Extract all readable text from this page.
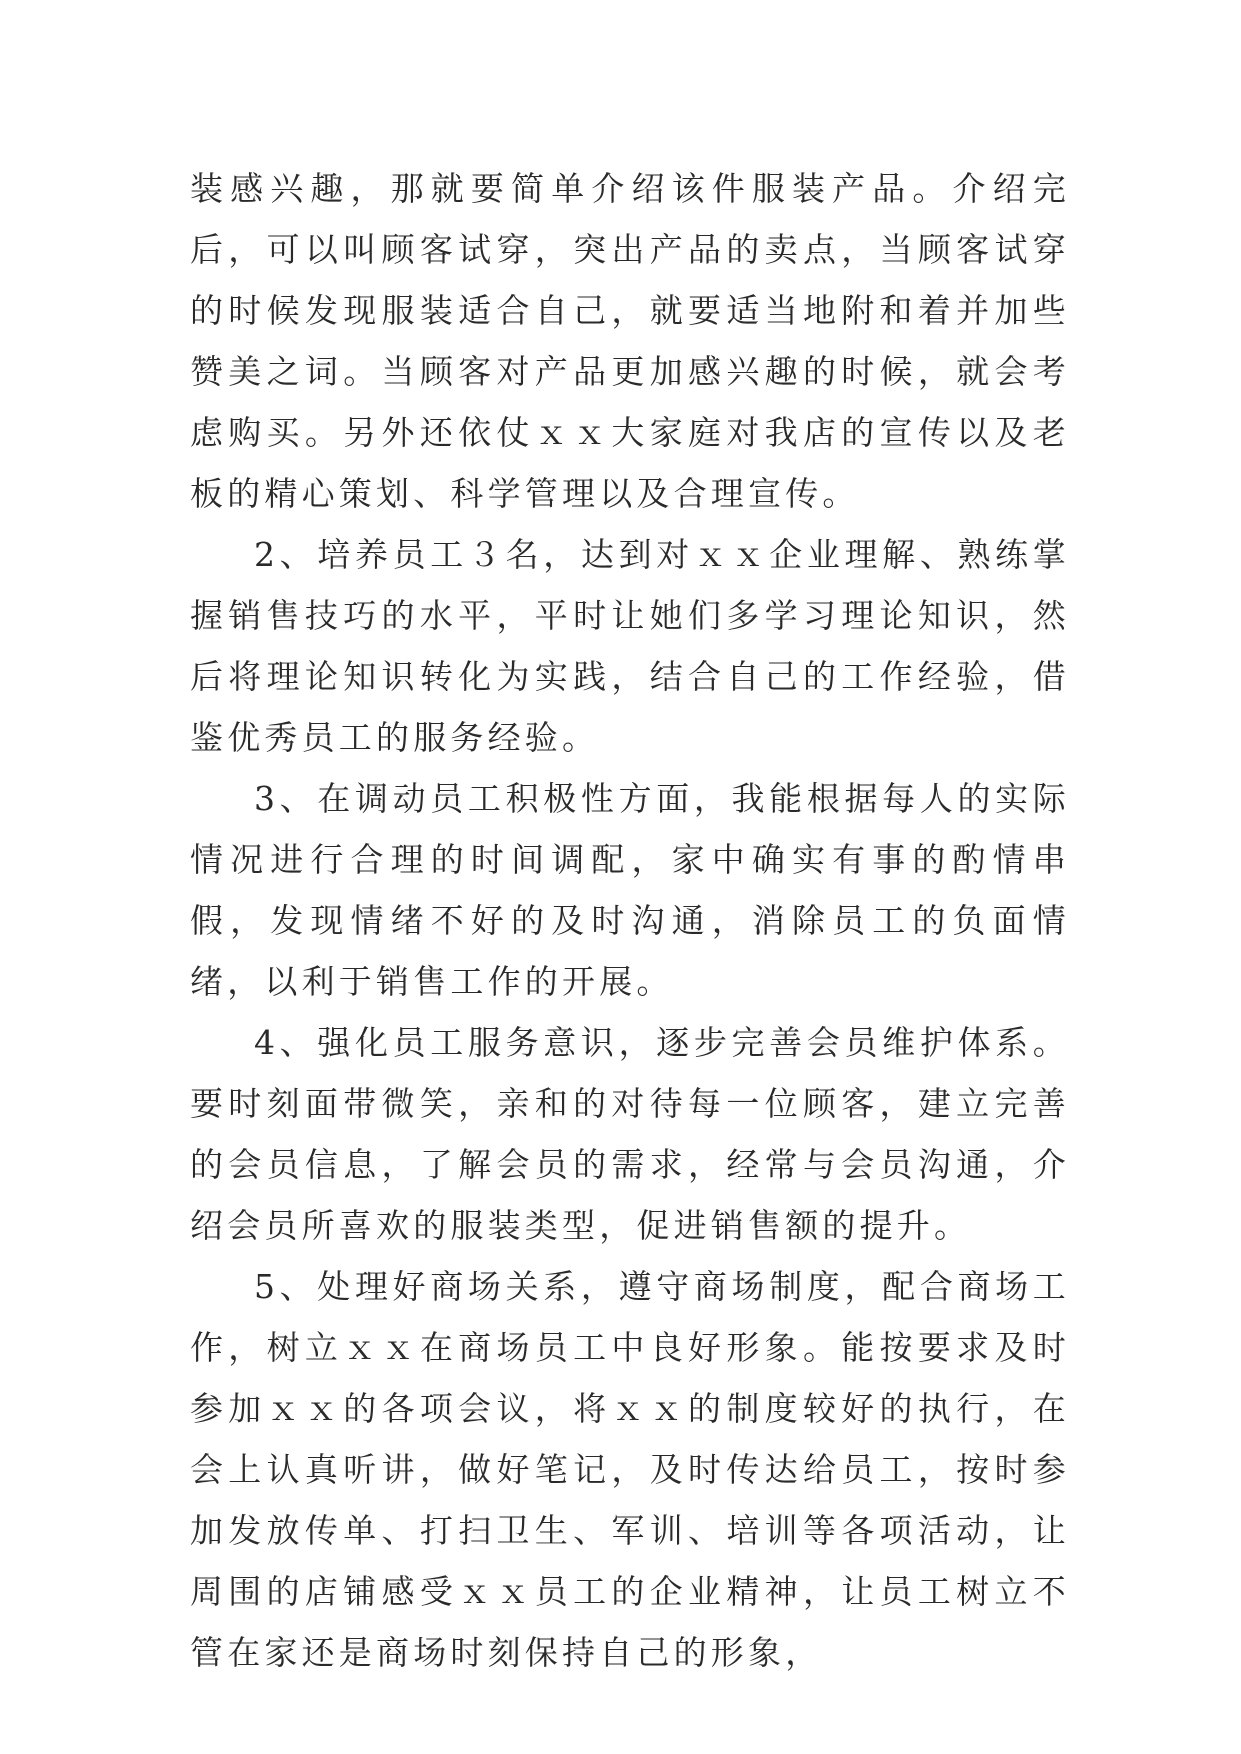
装感兴趣，那就要简单介绍该件服装产品。介绍完后，可以叫顾客试穿，突出产品的卖点，当顾客试穿的时候发现服装适合自己，就要适当地附和着并加些赞美之词。当顾客对产品更加感兴趣的时候，就会考虑购买。另外还依仗ｘｘ大家庭对我店的宣传以及老板的精心策划、科学管理以及合理宣传。

2、培养员工３名，达到对ｘｘ企业理解、熟练掌握销售技巧的水平，平时让她们多学习理论知识，然后将理论知识转化为实践，结合自己的工作经验，借鉴优秀员工的服务经验。

3、在调动员工积极性方面，我能根据每人的实际情况进行合理的时间调配，家中确实有事的酌情串假，发现情绪不好的及时沟通，消除员工的负面情绪，以利于销售工作的开展。

4、强化员工服务意识，逐步完善会员维护体系。要时刻面带微笑，亲和的对待每一位顾客，建立完善的会员信息，了解会员的需求，经常与会员沟通，介绍会员所喜欢的服装类型，促进销售额的提升。

5、处理好商场关系，遵守商场制度，配合商场工作，树立ｘｘ在商场员工中良好形象。能按要求及时参加ｘｘ的各项会议，将ｘｘ的制度较好的执行，在会上认真听讲，做好笔记，及时传达给员工，按时参加发放传单、打扫卫生、军训、培训等各项活动，让周围的店铺感受ｘｘ员工的企业精神，让员工树立不管在家还是商场时刻保持自己的形象，
